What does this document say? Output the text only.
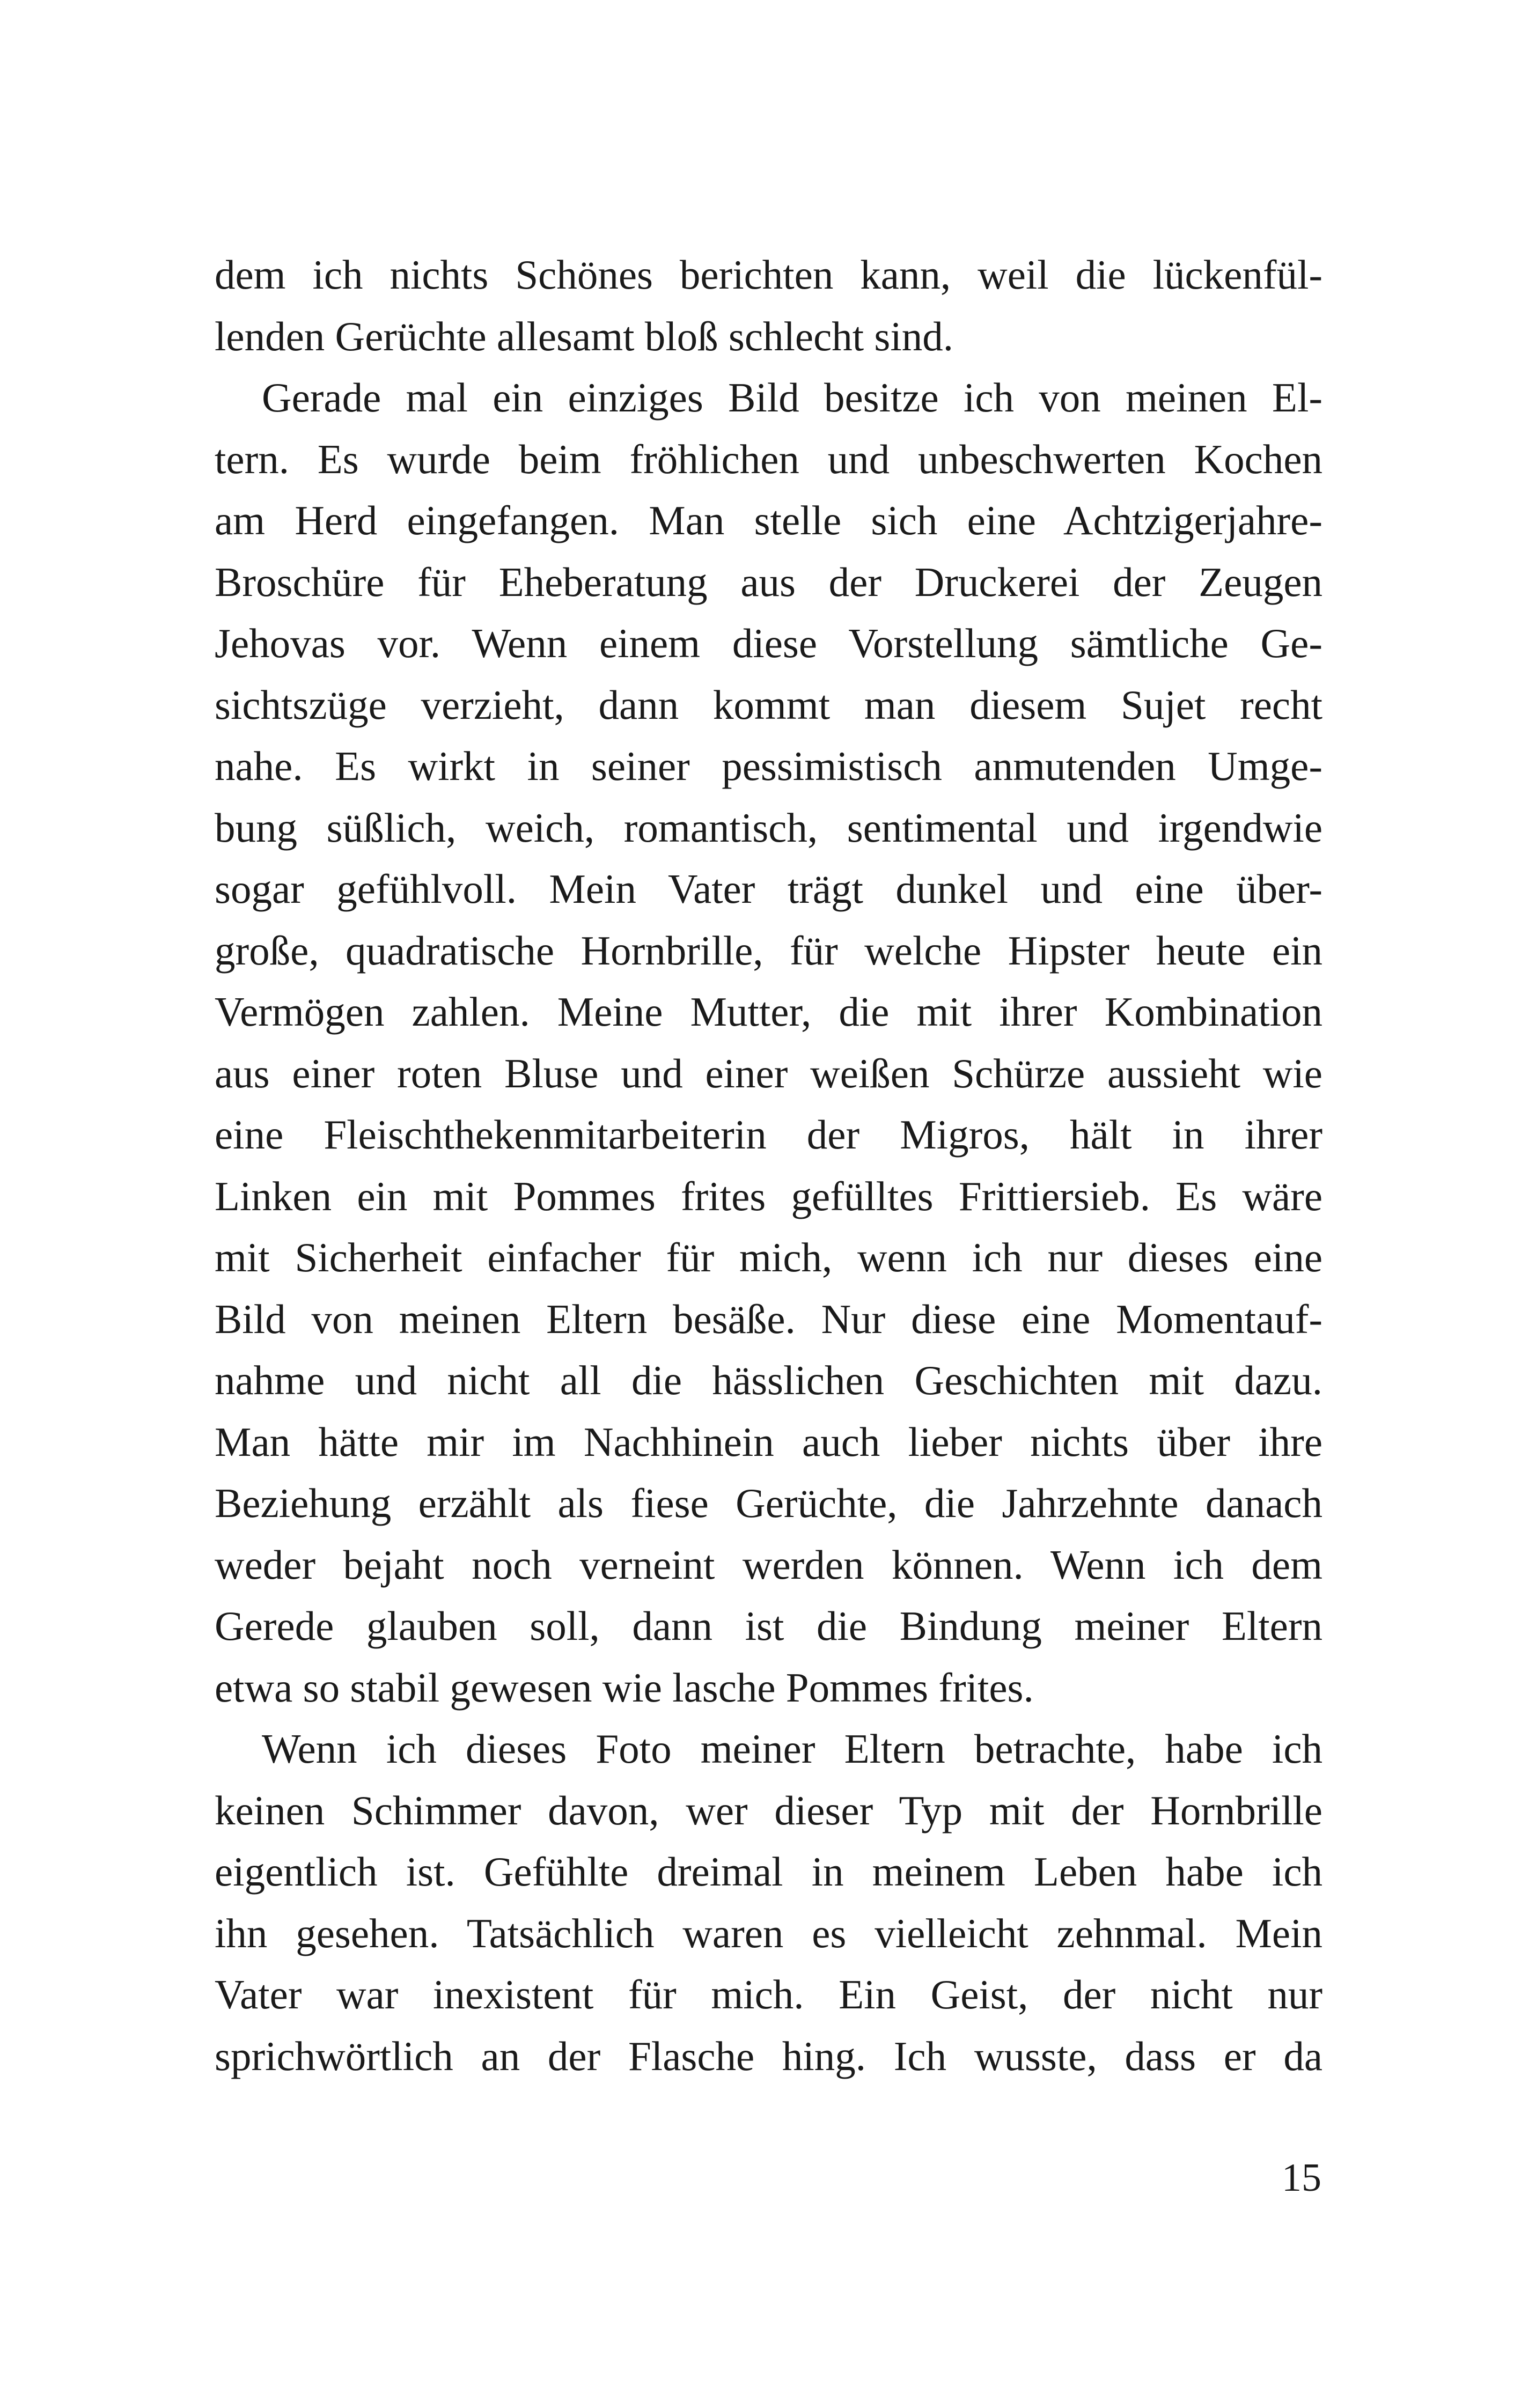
dem ich nichts Schönes berichten kann, weil die lückenfül-
lenden Gerüchte allesamt bloß schlecht sind.
Gerade mal ein einziges Bild besitze ich von meinen El-
tern. Es wurde beim fröhlichen und unbeschwerten Kochen
am Herd eingefangen. Man stelle sich eine Achtzigerjahre-
Broschüre für Eheberatung aus der Druckerei der Zeugen
Jehovas vor. Wenn einem diese Vorstellung sämtliche Ge-
sichtszüge verzieht, dann kommt man diesem Sujet recht
nahe. Es wirkt in seiner pessimistisch anmutenden Umge-
bung süßlich, weich, romantisch, sentimental und irgendwie
sogar gefühlvoll. Mein Vater trägt dunkel und eine über-
große, quadratische Hornbrille, für welche Hipster heute ein
Vermögen zahlen. Meine Mutter, die mit ihrer Kombination
aus einer roten Bluse und einer weißen Schürze aussieht wie
eine Fleischthekenmitarbeiterin der Migros, hält in ihrer
Linken ein mit Pommes frites gefülltes Frittiersieb. Es wäre
mit Sicherheit einfacher für mich, wenn ich nur dieses eine
Bild von meinen Eltern besäße. Nur diese eine Momentauf-
nahme und nicht all die hässlichen Geschichten mit dazu.
Man hätte mir im Nachhinein auch lieber nichts über ihre
Beziehung erzählt als fiese Gerüchte, die Jahrzehnte danach
weder bejaht noch verneint werden können. Wenn ich dem
Gerede glauben soll, dann ist die Bindung meiner Eltern
etwa so stabil gewesen wie lasche Pommes frites.
Wenn ich dieses Foto meiner Eltern betrachte, habe ich
keinen Schimmer davon, wer dieser Typ mit der Hornbrille
eigentlich ist. Gefühlte dreimal in meinem Leben habe ich
ihn gesehen. Tatsächlich waren es vielleicht zehnmal. Mein
Vater war inexistent für mich. Ein Geist, der nicht nur
sprichwörtlich an der Flasche hing. Ich wusste, dass er da
15
